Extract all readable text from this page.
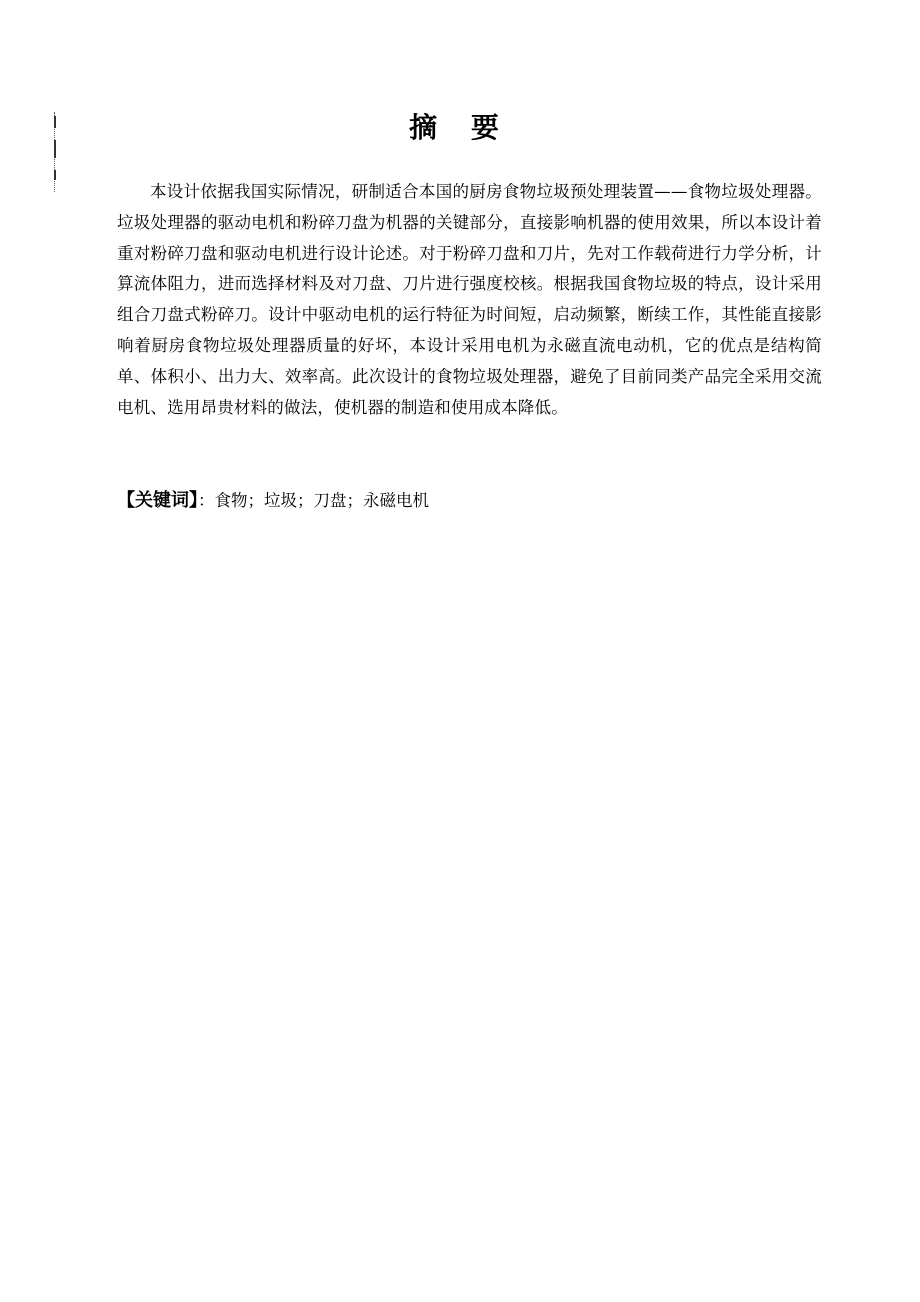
摘 要

本设计依据我国实际情况，研制适合本国的厨房食物垃圾预处理装置——食物垃圾处理器。垃圾处理器的驱动电机和粉碎刀盘为机器的关键部分，直接影响机器的使用效果，所以本设计着重对粉碎刀盘和驱动电机进行设计论述。对于粉碎刀盘和刀片，先对工作载荷进行力学分析，计算流体阻力，进而选择材料及对刀盘、刀片进行强度校核。根据我国食物垃圾的特点，设计采用组合刀盘式粉碎刀。设计中驱动电机的运行特征为时间短，启动频繁，断续工作，其性能直接影响着厨房食物垃圾处理器质量的好坏，本设计采用电机为永磁直流电动机，它的优点是结构简单、体积小、出力大、效率高。此次设计的食物垃圾处理器，避免了目前同类产品完全采用交流电机、选用昂贵材料的做法，使机器的制造和使用成本降低。

【关键词】：食物；垃圾；刀盘；永磁电机
